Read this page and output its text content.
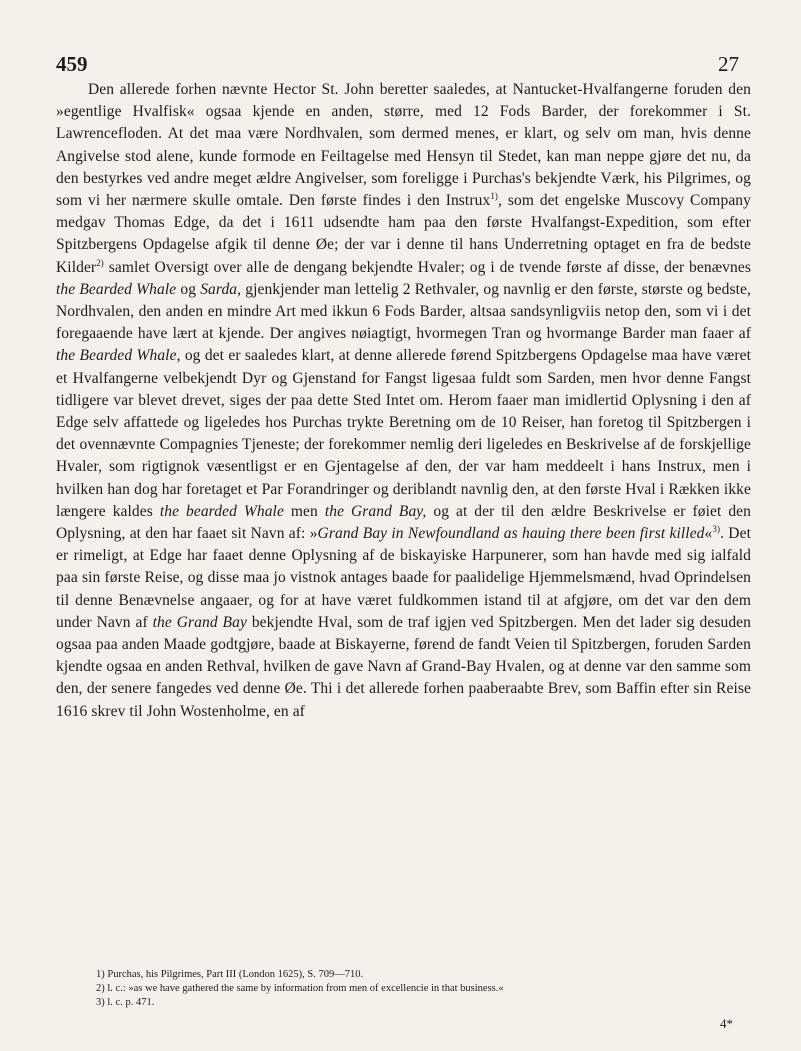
459	27
Den allerede forhen nævnte Hector St. John beretter saaledes, at Nantucket-Hvalfangerne foruden den »egentlige Hvalfisk« ogsaa kjende en anden, større, med 12 Fods Barder, der forekommer i St. Lawrencefloden. At det maa være Nordhvalen, som dermed menes, er klart, og selv om man, hvis denne Angivelse stod alene, kunde formode en Feiltagelse med Hensyn til Stedet, kan man neppe gjøre det nu, da den bestyrkes ved andre meget ældre Angivelser, som foreligge i Purchas's bekjendte Værk, his Pilgrimes, og som vi her nærmere skulle omtale. Den første findes i den Instrux$^{1)}$, som det engelske Muscovy Company medgav Thomas Edge, da det i 1611 udsendte ham paa den første Hvalfangst-Expedition, som efter Spitzbergens Opdagelse afgik til denne Øe; der var i denne til hans Underretning optaget en fra de bedste Kilder$^{2)}$ samlet Oversigt over alle de dengang bekjendte Hvaler; og i de tvende første af disse, der benævnes the Bearded Whale og Sarda, gjenkjender man lettelig 2 Rethvaler, og navnlig er den første, største og bedste, Nordhvalen, den anden en mindre Art med ikkun 6 Fods Barder, altsaa sandsynligviis netop den, som vi i det foregaaende have lært at kjende. Der angives nøiagtigt, hvormegen Tran og hvormange Barder man faaer af the Bearded Whale, og det er saaledes klart, at denne allerede førend Spitzbergens Opdagelse maa have været et Hvalfangerne velbekjendt Dyr og Gjenstand for Fangst ligesaa fuldt som Sarden, men hvor denne Fangst tidligere var blevet drevet, siges der paa dette Sted Intet om. Herom faaer man imidlertid Oplysning i den af Edge selv affattede og ligeledes hos Purchas trykte Beretning om de 10 Reiser, han foretog til Spitzbergen i det ovennævnte Compagnies Tjeneste; der forekommer nemlig deri ligeledes en Beskrivelse af de forskjellige Hvaler, som rigtignok væsentligst er en Gjentagelse af den, der var ham meddeelt i hans Instrux, men i hvilken han dog har foretaget et Par Forandringer og deriblandt navnlig den, at den første Hval i Rækken ikke længere kaldes the bearded Whale men the Grand Bay, og at der til den ældre Beskrivelse er føiet den Oplysning, at den har faaet sit Navn af: »Grand Bay in Newfoundland as hauing there been first killed«$^{3)}$. Det er rimeligt, at Edge har faaet denne Oplysning af de biskayiske Harpunerer, som han havde med sig ialfald paa sin første Reise, og disse maa jo vistnok antages baade for paalidelige Hjemmelsmænd, hvad Oprindelsen til denne Benævnelse angaaer, og for at have været fuldkommen istand til at afgjøre, om det var den dem under Navn af the Grand Bay bekjendte Hval, som de traf igjen ved Spitzbergen. Men det lader sig desuden ogsaa paa anden Maade godtgjøre, baade at Biskayerne, førend de fandt Veien til Spitzbergen, foruden Sarden kjendte ogsaa en anden Rethval, hvilken de gave Navn af Grand-Bay Hvalen, og at denne var den samme som den, der senere fangedes ved denne Øe. Thi i det allerede forhen paaberaabte Brev, som Baffin efter sin Reise 1616 skrev til John Wostenholme, en af

1) Purchas, his Pilgrimes, Part III (London 1625), S. 709—710.

2) l. c.: »as we have gathered the same by information from men of excellencie in that business.«

3) l. c. p. 471.

4*
